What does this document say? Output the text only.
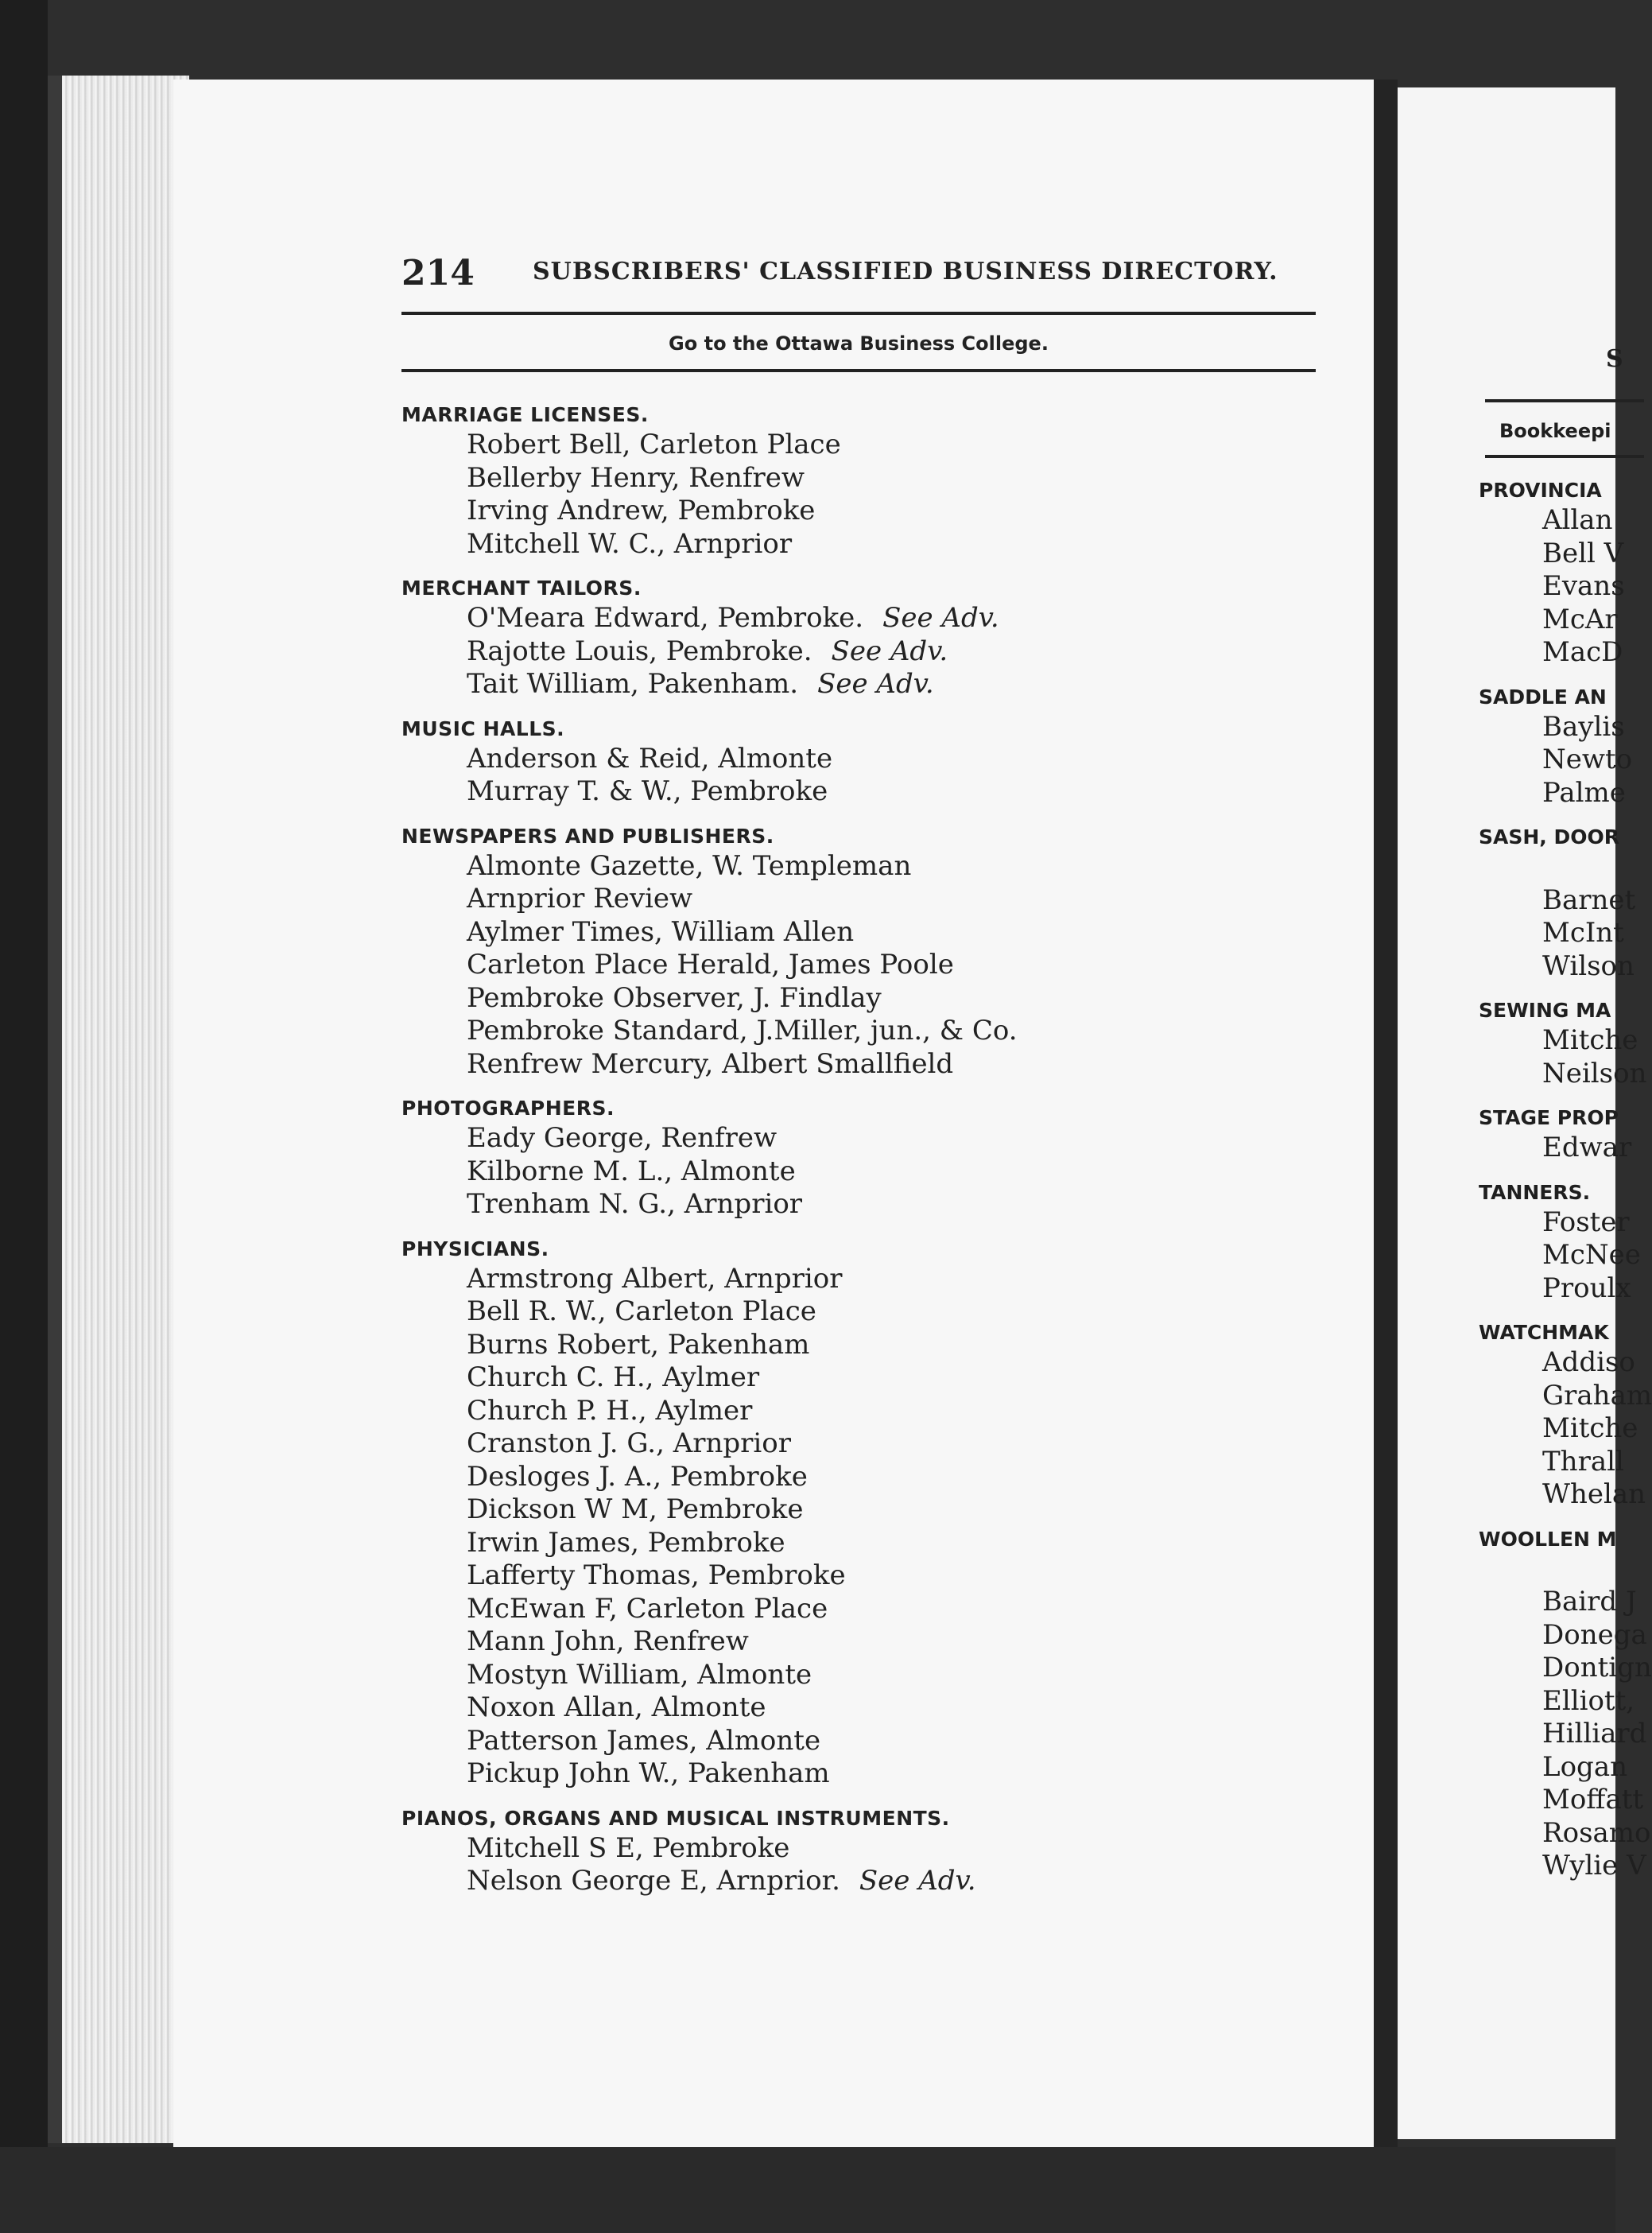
S
Bookkeepi
PROVINCIA
Allan
Bell V
Evans
McAr
MacD
SADDLE AN
Baylis
Newto
Palme
SASH, DOOR

Barnet
McInt
Wilson
SEWING MA
Mitche
Neilson
STAGE PROP
Edwar
TANNERS.
Foster
McNee
Proulx
WATCHMAK
Addiso
Graham
Mitche
Thrall
Whelan
WOOLLEN M

Baird J
Donega
Dontign
Elliott,
Hilliard
Logan
Moffatt
Rosamo
Wylie V
214 SUBSCRIBERS' CLASSIFIED BUSINESS DIRECTORY.
Go to the Ottawa Business College.
MARRIAGE LICENSES.
Robert Bell, Carleton Place
Bellerby Henry, Renfrew
Irving Andrew, Pembroke
Mitchell W. C., Arnprior
MERCHANT TAILORS.
O'Meara Edward, Pembroke. See Adv.
Rajotte Louis, Pembroke. See Adv.
Tait William, Pakenham. See Adv.
MUSIC HALLS.
Anderson & Reid, Almonte
Murray T. & W., Pembroke
NEWSPAPERS AND PUBLISHERS.
Almonte Gazette, W. Templeman
Arnprior Review
Aylmer Times, William Allen
Carleton Place Herald, James Poole
Pembroke Observer, J. Findlay
Pembroke Standard, J.Miller, jun., & Co.
Renfrew Mercury, Albert Smallfield
PHOTOGRAPHERS.
Eady George, Renfrew
Kilborne M. L., Almonte
Trenham N. G., Arnprior
PHYSICIANS.
Armstrong Albert, Arnprior
Bell R. W., Carleton Place
Burns Robert, Pakenham
Church C. H., Aylmer
Church P. H., Aylmer
Cranston J. G., Arnprior
Desloges J. A., Pembroke
Dickson W M, Pembroke
Irwin James, Pembroke
Lafferty Thomas, Pembroke
McEwan F, Carleton Place
Mann John, Renfrew
Mostyn William, Almonte
Noxon Allan, Almonte
Patterson James, Almonte
Pickup John W., Pakenham
PIANOS, ORGANS AND MUSICAL INSTRUMENTS.
Mitchell S E, Pembroke
Nelson George E, Arnprior. See Adv.
